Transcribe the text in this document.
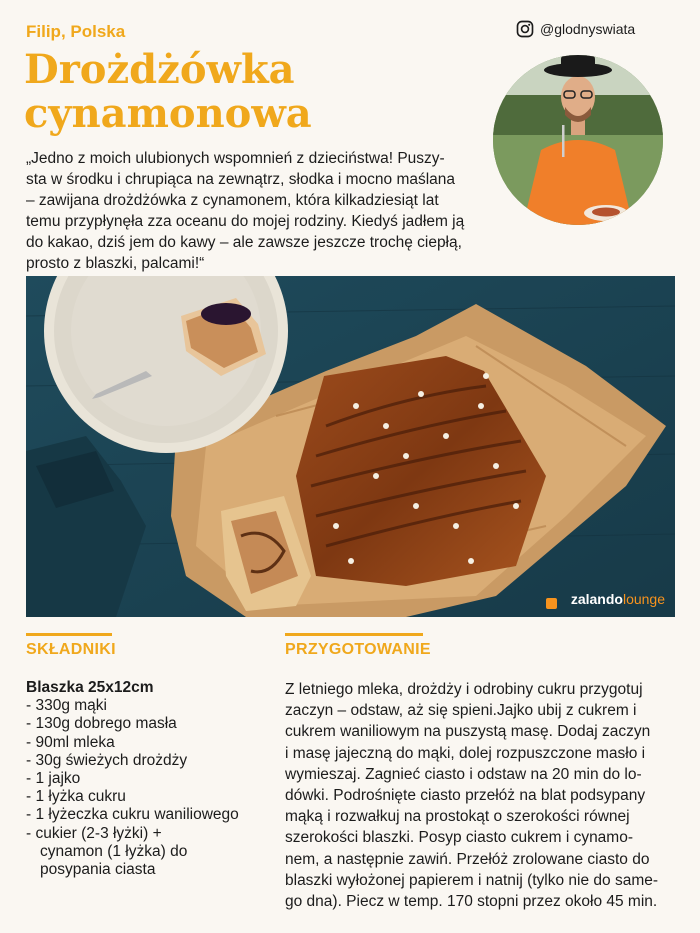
Filip, Polska
Drożdżówka
cynamonowa
@glodnyswiata

„Jedno z moich ulubionych wspomnień z dzieciństwa! Puszy-
sta w środku i chrupiąca na zewnątrz, słodka i mocno maślana
– zawijana drożdżówka z cynamonem, która kilkadziesiąt lat
temu przypłynęła zza oceanu do mojej rodziny. Kiedyś jadłem ją
do kakao, dziś jem do kawy – ale zawsze jeszcze trochę ciepłą,
prosto z blaszki, palcami!“

zalandolounge
SKŁADNIKI	PRZYGOTOWANIE
Blaszka 25x12cm
- 330g mąki
- 130g dobrego masła
- 90ml mleka
- 30g świeżych drożdży
- 1 jajko
- 1 łyżka cukru
- 1 łyżeczka cukru waniliowego
- cukier (2-3 łyżki) +
cynamon (1 łyżka) do
posypania ciasta

Z letniego mleka, drożdży i odrobiny cukru przygotuj
zaczyn – odstaw, aż się spieni.Jajko ubij z cukrem i
cukrem waniliowym na puszystą masę. Dodaj zaczyn
i masę jajeczną do mąki, dolej rozpuszczone masło i
wymieszaj. Zagnieć ciasto i odstaw na 20 min do lo-
dówki. Podrośnięte ciasto przełóż na blat podsypany
mąką i rozwałkuj na prostokąt o szerokości równej
szerokości blaszki. Posyp ciasto cukrem i cynamo-
nem, a następnie zawiń. Przełóż zrolowane ciasto do
blaszki wyłożonej papierem i natnij (tylko nie do same-
go dna). Piecz w temp. 170 stopni przez około 45 min.
